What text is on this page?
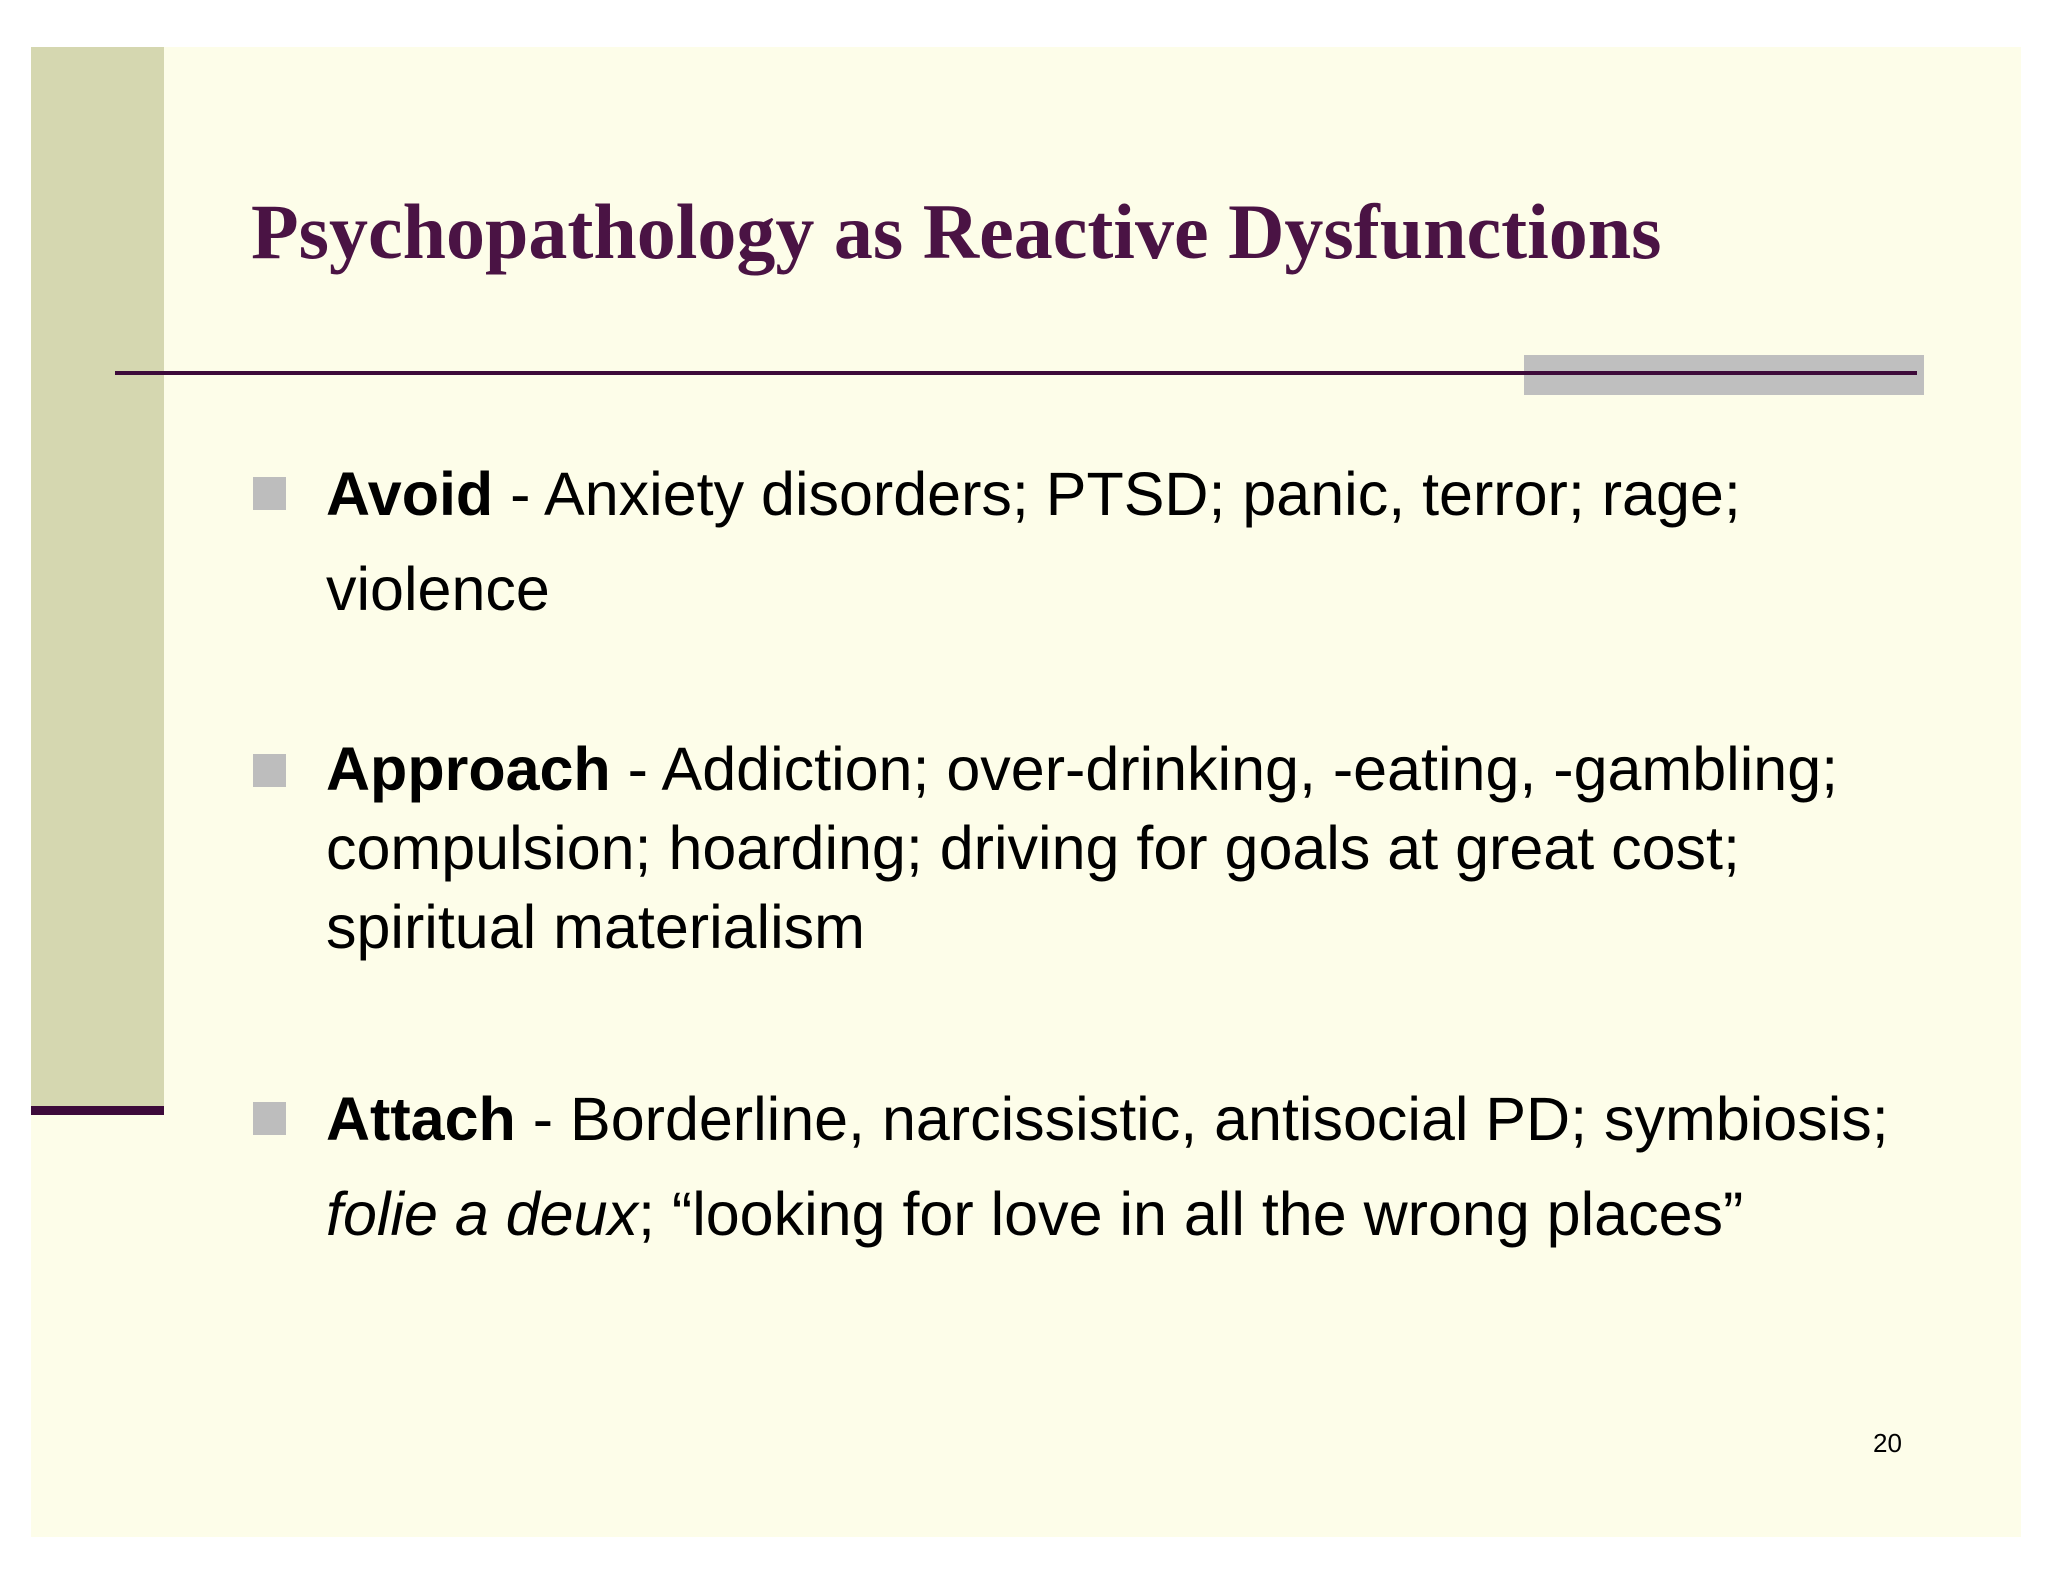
Psychopathology as Reactive Dysfunctions
Avoid - Anxiety disorders; PTSD; panic, terror; rage; violence
Approach - Addiction; over-drinking, -eating, -gambling; compulsion; hoarding; driving for goals at great cost; spiritual materialism
Attach - Borderline, narcissistic, antisocial PD; symbiosis; folie a deux; “looking for love in all the wrong places”
20
